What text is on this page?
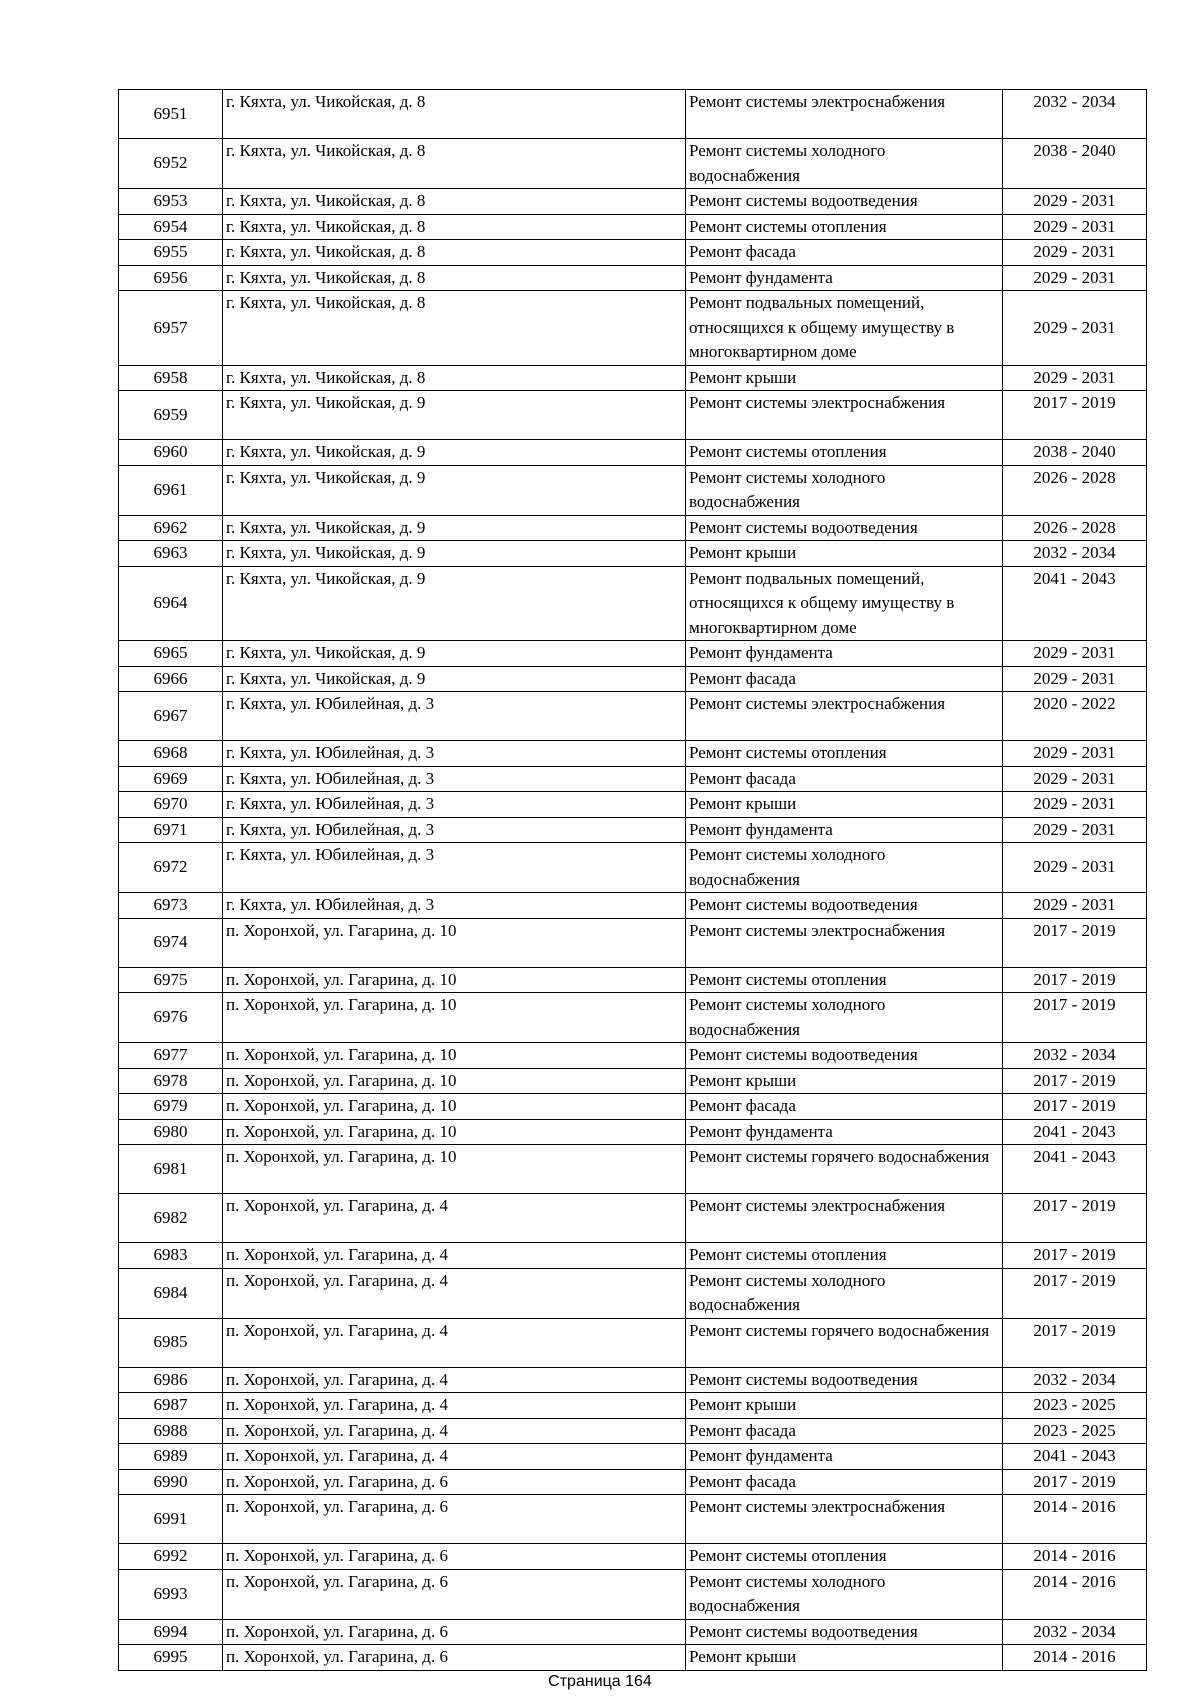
6951	г. Кяхта, ул. Чикойская, д. 8	Ремонт системы электроснабжения	2032 - 2034
6952	г. Кяхта, ул. Чикойская, д. 8	Ремонт системы холодного водоснабжения	2038 - 2040
6953	г. Кяхта, ул. Чикойская, д. 8	Ремонт системы водоотведения	2029 - 2031
6954	г. Кяхта, ул. Чикойская, д. 8	Ремонт системы отопления	2029 - 2031
6955	г. Кяхта, ул. Чикойская, д. 8	Ремонт фасада	2029 - 2031
6956	г. Кяхта, ул. Чикойская, д. 8	Ремонт фундамента	2029 - 2031
6957	г. Кяхта, ул. Чикойская, д. 8	Ремонт подвальных помещений, относящихся к общему имуществу в многоквартирном доме	2029 - 2031
6958	г. Кяхта, ул. Чикойская, д. 8	Ремонт крыши	2029 - 2031
6959	г. Кяхта, ул. Чикойская, д. 9	Ремонт системы электроснабжения	2017 - 2019
6960	г. Кяхта, ул. Чикойская, д. 9	Ремонт системы отопления	2038 - 2040
6961	г. Кяхта, ул. Чикойская, д. 9	Ремонт системы холодного водоснабжения	2026 - 2028
6962	г. Кяхта, ул. Чикойская, д. 9	Ремонт системы водоотведения	2026 - 2028
6963	г. Кяхта, ул. Чикойская, д. 9	Ремонт крыши	2032 - 2034
6964	г. Кяхта, ул. Чикойская, д. 9	Ремонт подвальных помещений, относящихся к общему имуществу в многоквартирном доме	2041 - 2043
6965	г. Кяхта, ул. Чикойская, д. 9	Ремонт фундамента	2029 - 2031
6966	г. Кяхта, ул. Чикойская, д. 9	Ремонт фасада	2029 - 2031
6967	г. Кяхта, ул. Юбилейная, д. 3	Ремонт системы электроснабжения	2020 - 2022
6968	г. Кяхта, ул. Юбилейная, д. 3	Ремонт системы отопления	2029 - 2031
6969	г. Кяхта, ул. Юбилейная, д. 3	Ремонт фасада	2029 - 2031
6970	г. Кяхта, ул. Юбилейная, д. 3	Ремонт крыши	2029 - 2031
6971	г. Кяхта, ул. Юбилейная, д. 3	Ремонт фундамента	2029 - 2031
6972	г. Кяхта, ул. Юбилейная, д. 3	Ремонт системы холодного водоснабжения	2029 - 2031
6973	г. Кяхта, ул. Юбилейная, д. 3	Ремонт системы водоотведения	2029 - 2031
6974	п. Хоронхой, ул. Гагарина, д. 10	Ремонт системы электроснабжения	2017 - 2019
6975	п. Хоронхой, ул. Гагарина, д. 10	Ремонт системы отопления	2017 - 2019
6976	п. Хоронхой, ул. Гагарина, д. 10	Ремонт системы холодного водоснабжения	2017 - 2019
6977	п. Хоронхой, ул. Гагарина, д. 10	Ремонт системы водоотведения	2032 - 2034
6978	п. Хоронхой, ул. Гагарина, д. 10	Ремонт крыши	2017 - 2019
6979	п. Хоронхой, ул. Гагарина, д. 10	Ремонт фасада	2017 - 2019
6980	п. Хоронхой, ул. Гагарина, д. 10	Ремонт фундамента	2041 - 2043
6981	п. Хоронхой, ул. Гагарина, д. 10	Ремонт системы горячего водоснабжения	2041 - 2043
6982	п. Хоронхой, ул. Гагарина, д. 4	Ремонт системы электроснабжения	2017 - 2019
6983	п. Хоронхой, ул. Гагарина, д. 4	Ремонт системы отопления	2017 - 2019
6984	п. Хоронхой, ул. Гагарина, д. 4	Ремонт системы холодного водоснабжения	2017 - 2019
6985	п. Хоронхой, ул. Гагарина, д. 4	Ремонт системы горячего водоснабжения	2017 - 2019
6986	п. Хоронхой, ул. Гагарина, д. 4	Ремонт системы водоотведения	2032 - 2034
6987	п. Хоронхой, ул. Гагарина, д. 4	Ремонт крыши	2023 - 2025
6988	п. Хоронхой, ул. Гагарина, д. 4	Ремонт фасада	2023 - 2025
6989	п. Хоронхой, ул. Гагарина, д. 4	Ремонт фундамента	2041 - 2043
6990	п. Хоронхой, ул. Гагарина, д. 6	Ремонт фасада	2017 - 2019
6991	п. Хоронхой, ул. Гагарина, д. 6	Ремонт системы электроснабжения	2014 - 2016
6992	п. Хоронхой, ул. Гагарина, д. 6	Ремонт системы отопления	2014 - 2016
6993	п. Хоронхой, ул. Гагарина, д. 6	Ремонт системы холодного водоснабжения	2014 - 2016
6994	п. Хоронхой, ул. Гагарина, д. 6	Ремонт системы водоотведения	2032 - 2034
6995	п. Хоронхой, ул. Гагарина, д. 6	Ремонт крыши	2014 - 2016
Страница 164
